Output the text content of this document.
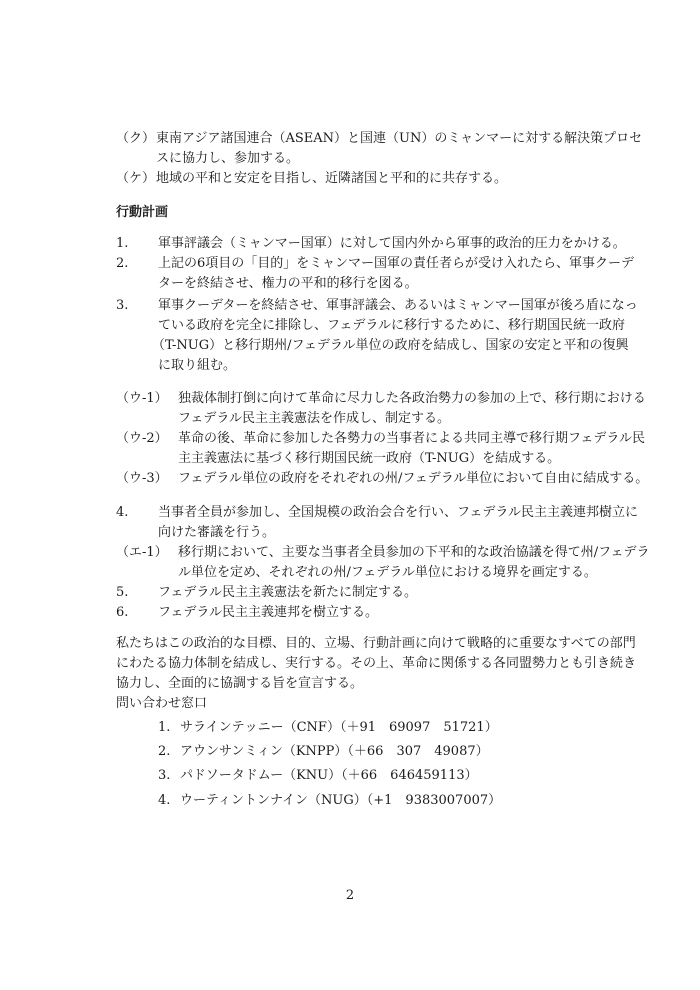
（ク） 東南アジア諸国連合（ASEAN）と国連（UN）のミャンマーに対する解決策プロセ
スに協力し、参加する。
（ケ） 地域の平和と安定を目指し、近隣諸国と平和的に共存する。
行動計画
1. 軍事評議会（ミャンマー国軍）に対して国内外から軍事的政治的圧力をかける。
2. 上記の6項目の「目的」をミャンマー国軍の責任者らが受け入れたら、軍事クーデ
ターを終結させ、権力の平和的移行を図る。
3. 軍事クーデターを終結させ、軍事評議会、あるいはミャンマー国軍が後ろ盾になっ
ている政府を完全に排除し、フェデラルに移行するために、移行期国民統一政府
（T-NUG）と移行期州/フェデラル単位の政府を結成し、国家の安定と平和の復興
に取り組む。
（ウ-1） 独裁体制打倒に向けて革命に尽力した各政治勢力の参加の上で、移行期における
フェデラル民主主義憲法を作成し、制定する。
（ウ-2） 革命の後、革命に参加した各勢力の当事者による共同主導で移行期フェデラル民
主主義憲法に基づく移行期国民統一政府（T-NUG）を結成する。
（ウ-3） フェデラル単位の政府をそれぞれの州/フェデラル単位において自由に結成する。
4. 当事者全員が参加し、全国規模の政治会合を行い、フェデラル民主主義連邦樹立に
向けた審議を行う。
（エ-1） 移行期において、主要な当事者全員参加の下平和的な政治協議を得て州/フェデラ
ル単位を定め、それぞれの州/フェデラル単位における境界を画定する。
5. フェデラル民主主義憲法を新たに制定する。
6. フェデラル民主主義連邦を樹立する。
私たちはこの政治的な目標、目的、立場、行動計画に向けて戦略的に重要なすべての部門
にわたる協力体制を結成し、実行する。その上、革命に関係する各同盟勢力とも引き続き
協力し、全面的に協調する旨を宣言する。
問い合わせ窓口
1. サラインテッニー（CNF）（＋91　69097　51721）
2. アウンサンミィン（KNPP）（＋66　307　49087）
3. パドソータドムー（KNU）（＋66　646459113）
4. ウーティントンナイン（NUG）（+1　9383007007）
2
